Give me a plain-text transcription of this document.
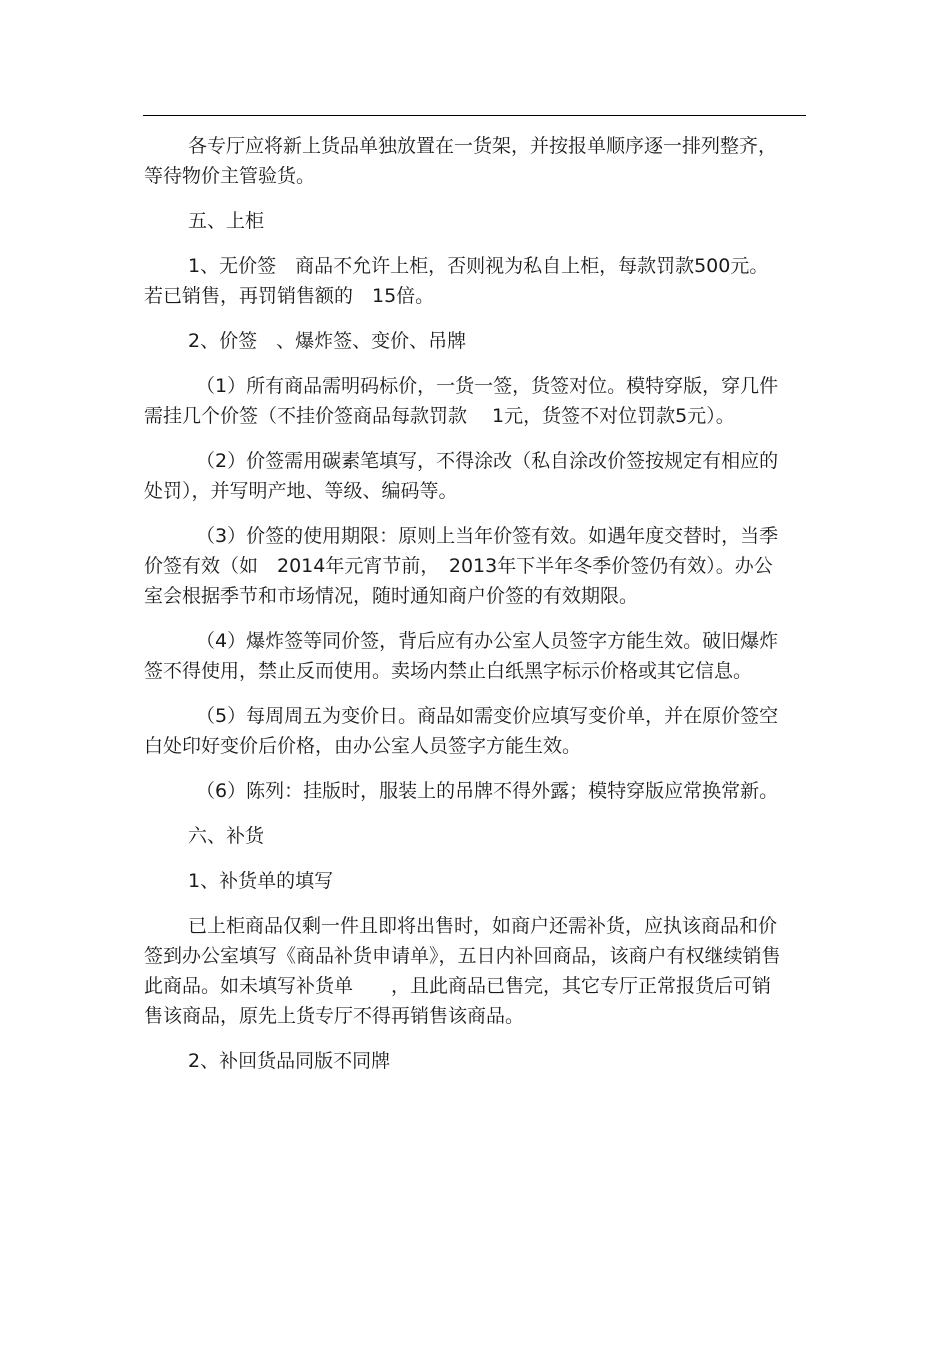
各专厅应将新上货品单独放置在一货架，并按报单顺序逐一排列整齐，等待物价主管验货。

五、上柜

1、无价签　商品不允许上柜，否则视为私自上柜，每款罚款500元。若已销售，再罚销售额的　15倍。

2、价签　、爆炸签、变价、吊牌

（1）所有商品需明码标价，一货一签，货签对位。模特穿版，穿几件需挂几个价签（不挂价签商品每款罚款　 1元，货签不对位罚款5元）。

（2）价签需用碳素笔填写，不得涂改（私自涂改价签按规定有相应的处罚），并写明产地、等级、编码等。

（3）价签的使用期限：原则上当年价签有效。如遇年度交替时，当季价签有效（如　2014年元宵节前，　2013年下半年冬季价签仍有效）。办公室会根据季节和市场情况，随时通知商户价签的有效期限。

（4）爆炸签等同价签，背后应有办公室人员签字方能生效。破旧爆炸签不得使用，禁止反而使用。卖场内禁止白纸黑字标示价格或其它信息。

（5）每周周五为变价日。商品如需变价应填写变价单，并在原价签空白处印好变价后价格，由办公室人员签字方能生效。

（6）陈列：挂版时，服装上的吊牌不得外露；模特穿版应常换常新。

六、补货

1、补货单的填写

已上柜商品仅剩一件且即将出售时，如商户还需补货，应执该商品和价签到办公室填写《商品补货申请单》，五日内补回商品，该商户有权继续销售此商品。如未填写补货单　　，且此商品已售完，其它专厅正常报货后可销售该商品，原先上货专厅不得再销售该商品。

2、补回货品同版不同牌
